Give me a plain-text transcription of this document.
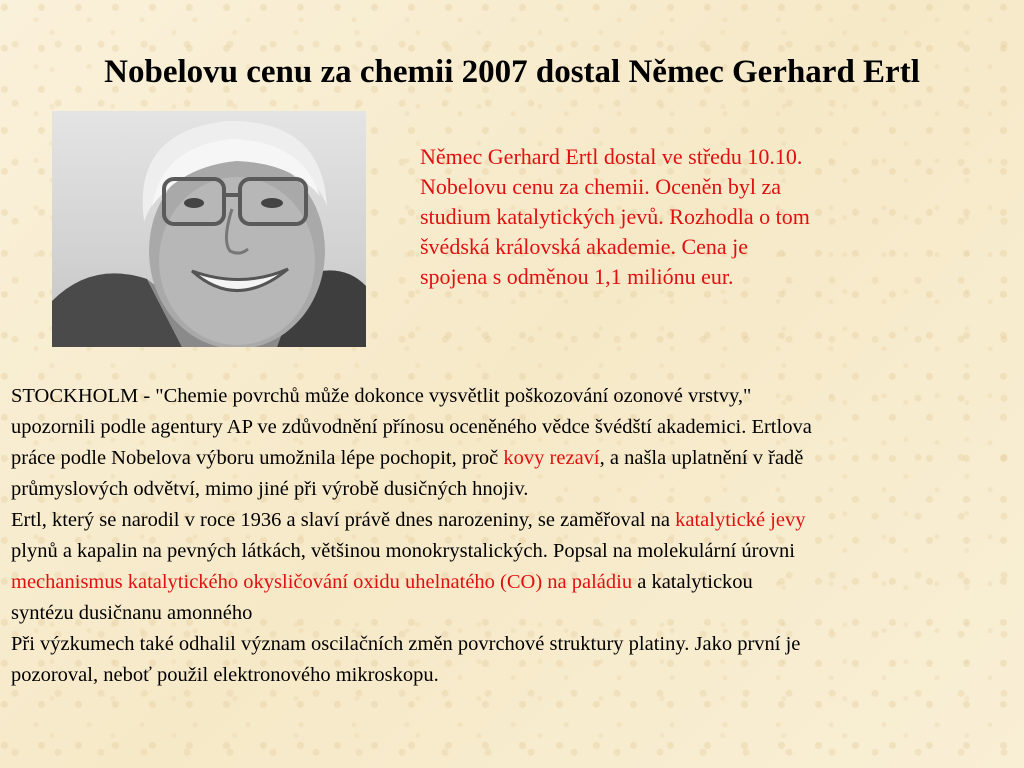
Nobelovu cenu za chemii 2007 dostal Němec Gerhard Ertl
Němec Gerhard Ertl dostal ve středu 10.10.
Nobelovu cenu za chemii. Oceněn byl za
studium katalytických jevů. Rozhodla o tom
švédská královská akademie. Cena je
spojena s odměnou 1,1 miliónu eur.
STOCKHOLM - "Chemie povrchů může dokonce vysvětlit poškozování ozonové vrstvy,"
upozornili podle agentury AP ve zdůvodnění přínosu oceněného vědce švédští akademici. Ertlova
práce podle Nobelova výboru umožnila lépe pochopit, proč kovy rezaví, a našla uplatnění v řadě
průmyslových odvětví, mimo jiné při výrobě dusičných hnojiv.
Ertl, který se narodil v roce 1936 a slaví právě dnes narozeniny, se zaměřoval na katalytické jevy
plynů a kapalin na pevných látkách, většinou monokrystalických. Popsal na molekulární úrovni
mechanismus katalytického okysličování oxidu uhelnatého (CO) na paládiu a katalytickou
syntézu dusičnanu amonného
Při výzkumech také odhalil význam oscilačních změn povrchové struktury platiny. Jako první je
pozoroval, neboť použil elektronového mikroskopu.
